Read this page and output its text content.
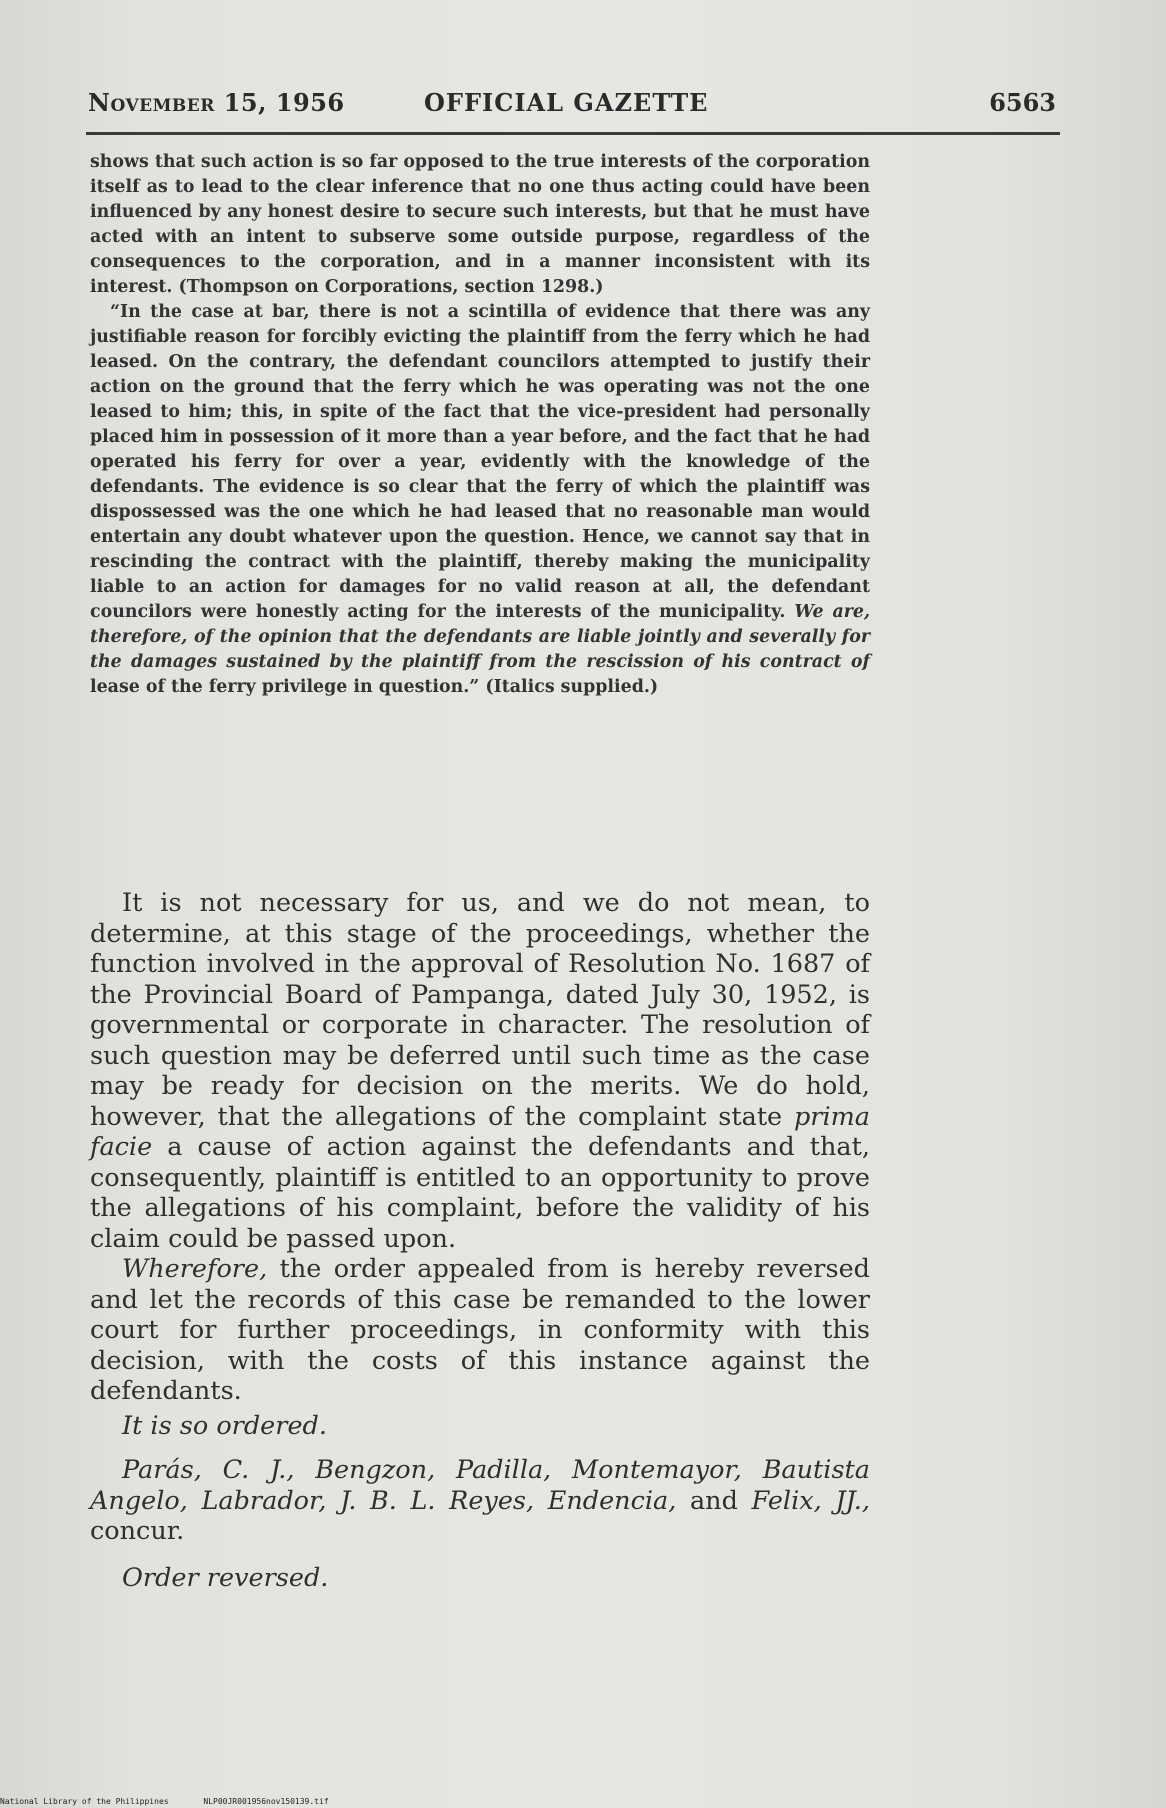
November 15, 1956	OFFICIAL GAZETTE	6563

shows that such action is so far opposed to the true interests of the corporation itself as to lead to the clear inference that no one thus acting could have been influenced by any honest desire to secure such interests, but that he must have acted with an intent to subserve some outside purpose, regardless of the consequences to the corporation, and in a manner inconsistent with its interest. (Thompson on Corporations, section 1298.)

“In the case at bar, there is not a scintilla of evidence that there was any justifiable reason for forcibly evicting the plaintiff from the ferry which he had leased. On the contrary, the defendant councilors attempted to justify their action on the ground that the ferry which he was operating was not the one leased to him; this, in spite of the fact that the vice-president had personally placed him in possession of it more than a year before, and the fact that he had operated his ferry for over a year, evidently with the knowledge of the defendants. The evidence is so clear that the ferry of which the plaintiff was dispossessed was the one which he had leased that no reasonable man would entertain any doubt whatever upon the question. Hence, we cannot say that in rescinding the contract with the plaintiff, thereby making the municipality liable to an action for damages for no valid reason at all, the defendant councilors were honestly acting for the interests of the municipality. We are, therefore, of the opinion that the defendants are liable jointly and severally for the damages sustained by the plaintiff from the rescission of his contract of lease of the ferry privilege in question.” (Italics supplied.)

It is not necessary for us, and we do not mean, to determine, at this stage of the proceedings, whether the function involved in the approval of Resolution No. 1687 of the Provincial Board of Pampanga, dated July 30, 1952, is governmental or corporate in character. The resolution of such question may be deferred until such time as the case may be ready for decision on the merits. We do hold, however, that the allegations of the complaint state prima facie a cause of action against the defendants and that, consequently, plaintiff is entitled to an opportunity to prove the allegations of his complaint, before the validity of his claim could be passed upon.

Wherefore, the order appealed from is hereby reversed and let the records of this case be remanded to the lower court for further proceedings, in conformity with this decision, with the costs of this instance against the defendants.

It is so ordered.

Parás, C. J., Bengzon, Padilla, Montemayor, Bautista Angelo, Labrador, J. B. L. Reyes, Endencia, and Felix, JJ., concur.

Order reversed.

National Library of the Philippines	NLP00JR001956nov150139.tif
